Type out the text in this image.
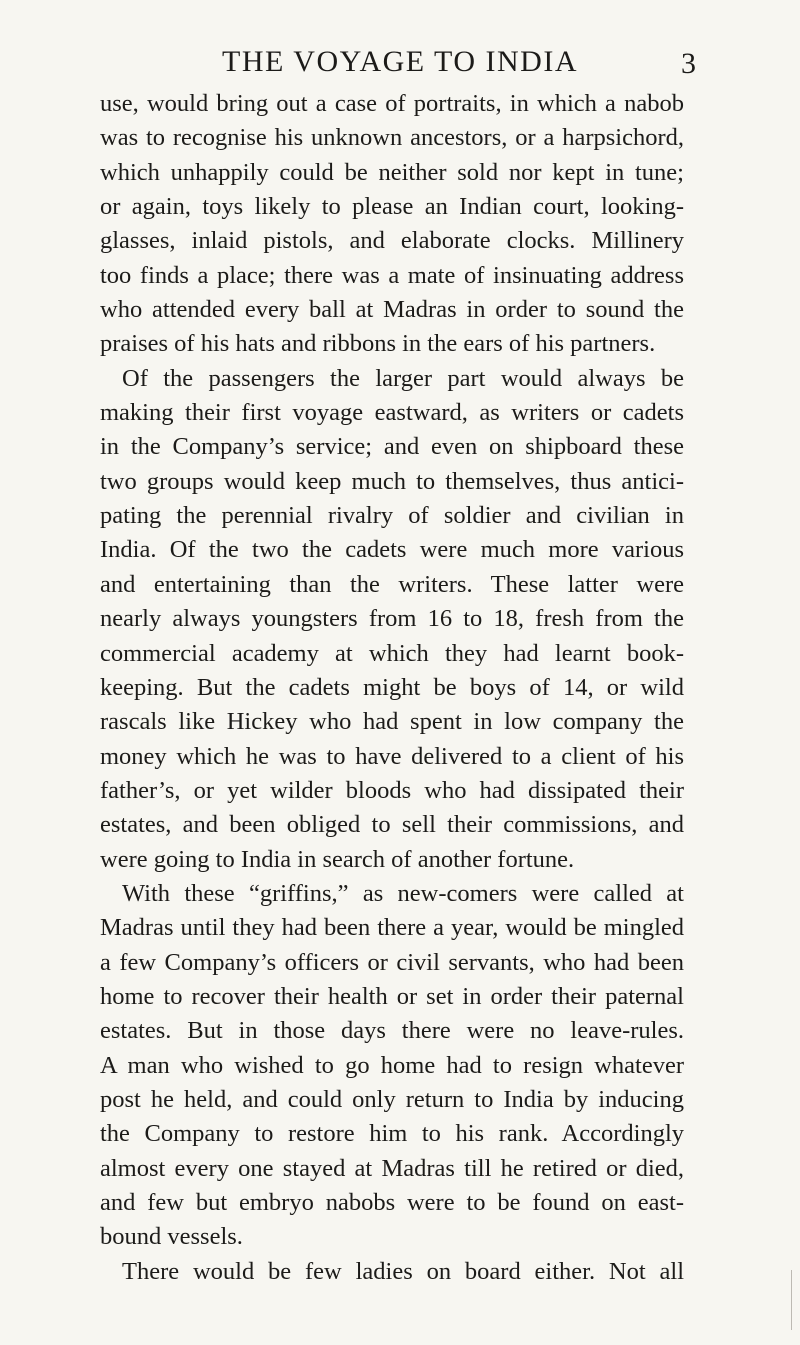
THE VOYAGE TO INDIA	3
use, would bring out a case of portraits, in which a nabob
was to recognise his unknown ancestors, or a harpsichord,
which unhappily could be neither sold nor kept in tune;
or again, toys likely to please an Indian court, looking-
glasses, inlaid pistols, and elaborate clocks. Millinery
too finds a place; there was a mate of insinuating address
who attended every ball at Madras in order to sound the
praises of his hats and ribbons in the ears of his partners.
Of the passengers the larger part would always be
making their first voyage eastward, as writers or cadets
in the Company’s service; and even on shipboard these
two groups would keep much to themselves, thus antici-
pating the perennial rivalry of soldier and civilian in
India. Of the two the cadets were much more various
and entertaining than the writers. These latter were
nearly always youngsters from 16 to 18, fresh from the
commercial academy at which they had learnt book-
keeping. But the cadets might be boys of 14, or wild
rascals like Hickey who had spent in low company the
money which he was to have delivered to a client of his
father’s, or yet wilder bloods who had dissipated their
estates, and been obliged to sell their commissions, and
were going to India in search of another fortune.
With these “griffins,” as new-comers were called at
Madras until they had been there a year, would be mingled
a few Company’s officers or civil servants, who had been
home to recover their health or set in order their paternal
estates. But in those days there were no leave-rules.
A man who wished to go home had to resign whatever
post he held, and could only return to India by inducing
the Company to restore him to his rank. Accordingly
almost every one stayed at Madras till he retired or died,
and few but embryo nabobs were to be found on east-
bound vessels.
There would be few ladies on board either. Not all
